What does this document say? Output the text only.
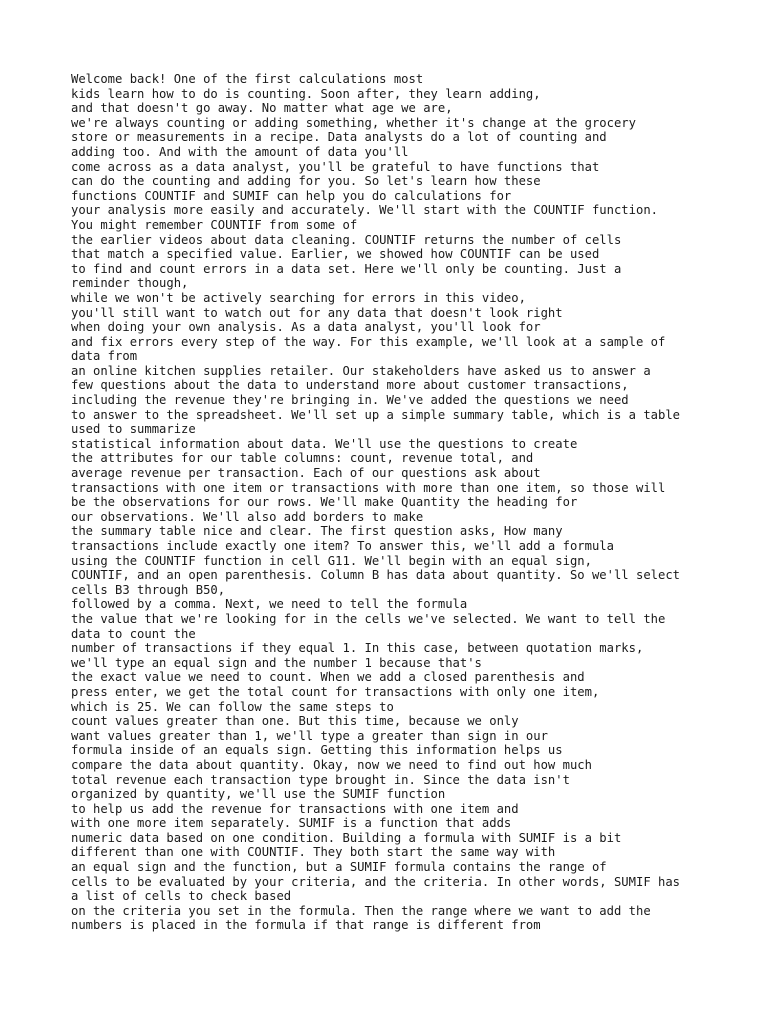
Welcome back! One of the first calculations most
kids learn how to do is counting. Soon after, they learn adding,
and that doesn't go away. No matter what age we are,
we're always counting or adding something, whether it's change at the grocery
store or measurements in a recipe. Data analysts do a lot of counting and
adding too. And with the amount of data you'll
come across as a data analyst, you'll be grateful to have functions that
can do the counting and adding for you. So let's learn how these
functions COUNTIF and SUMIF can help you do calculations for
your analysis more easily and accurately. We'll start with the COUNTIF function.
You might remember COUNTIF from some of
the earlier videos about data cleaning. COUNTIF returns the number of cells
that match a specified value. Earlier, we showed how COUNTIF can be used
to find and count errors in a data set. Here we'll only be counting. Just a
reminder though,
while we won't be actively searching for errors in this video,
you'll still want to watch out for any data that doesn't look right
when doing your own analysis. As a data analyst, you'll look for
and fix errors every step of the way. For this example, we'll look at a sample of
data from
an online kitchen supplies retailer. Our stakeholders have asked us to answer a
few questions about the data to understand more about customer transactions,
including the revenue they're bringing in. We've added the questions we need
to answer to the spreadsheet. We'll set up a simple summary table, which is a table
used to summarize
statistical information about data. We'll use the questions to create
the attributes for our table columns: count, revenue total, and
average revenue per transaction. Each of our questions ask about
transactions with one item or transactions with more than one item, so those will
be the observations for our rows. We'll make Quantity the heading for
our observations. We'll also add borders to make
the summary table nice and clear. The first question asks, How many
transactions include exactly one item? To answer this, we'll add a formula
using the COUNTIF function in cell G11. We'll begin with an equal sign,
COUNTIF, and an open parenthesis. Column B has data about quantity. So we'll select
cells B3 through B50,
followed by a comma. Next, we need to tell the formula
the value that we're looking for in the cells we've selected. We want to tell the
data to count the
number of transactions if they equal 1. In this case, between quotation marks,
we'll type an equal sign and the number 1 because that's
the exact value we need to count. When we add a closed parenthesis and
press enter, we get the total count for transactions with only one item,
which is 25. We can follow the same steps to
count values greater than one. But this time, because we only
want values greater than 1, we'll type a greater than sign in our
formula inside of an equals sign. Getting this information helps us
compare the data about quantity. Okay, now we need to find out how much
total revenue each transaction type brought in. Since the data isn't
organized by quantity, we'll use the SUMIF function
to help us add the revenue for transactions with one item and
with one more item separately. SUMIF is a function that adds
numeric data based on one condition. Building a formula with SUMIF is a bit
different than one with COUNTIF. They both start the same way with
an equal sign and the function, but a SUMIF formula contains the range of
cells to be evaluated by your criteria, and the criteria. In other words, SUMIF has
a list of cells to check based
on the criteria you set in the formula. Then the range where we want to add the
numbers is placed in the formula if that range is different from
